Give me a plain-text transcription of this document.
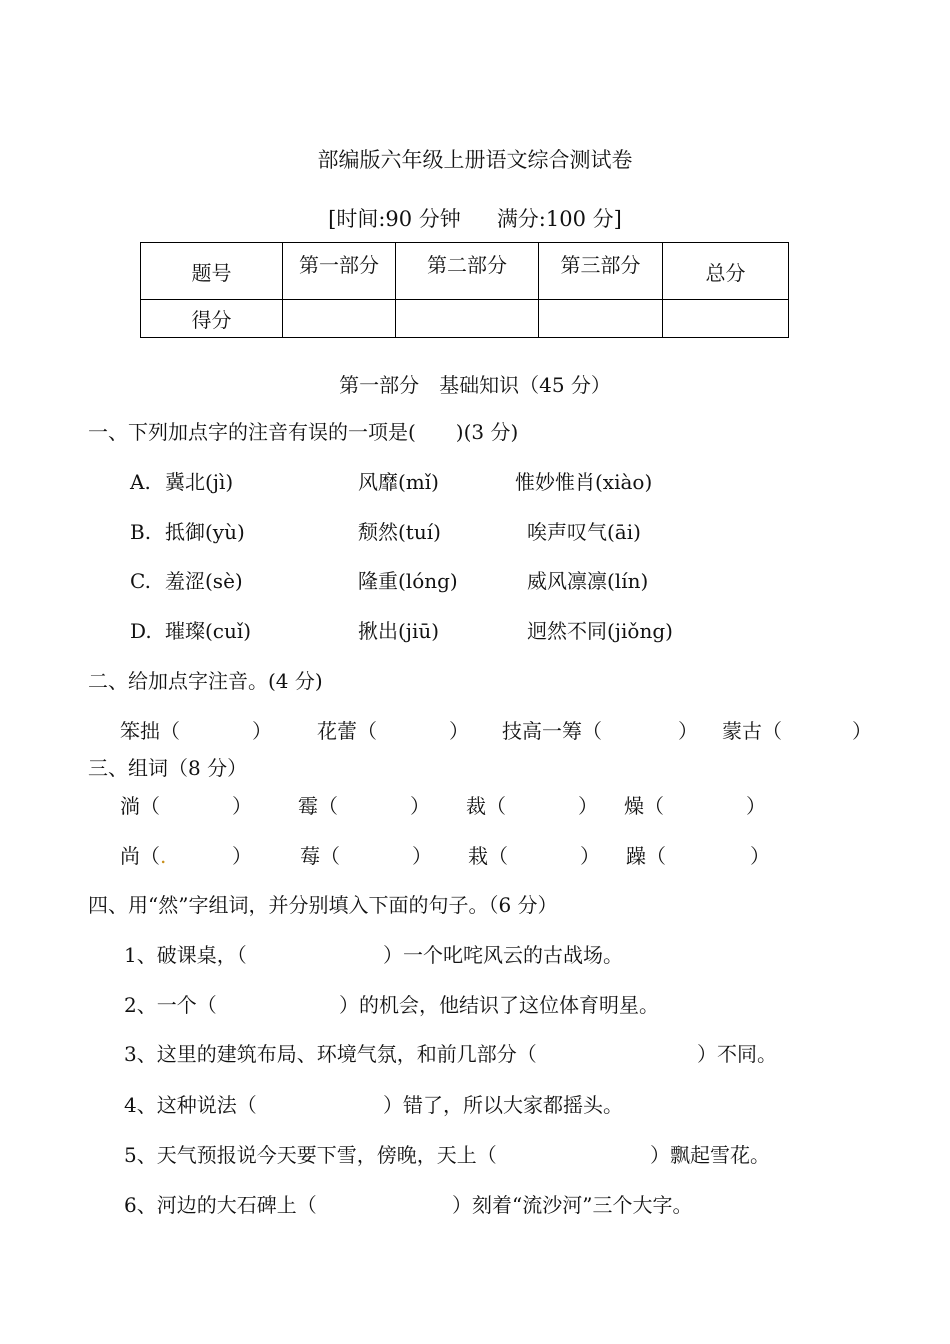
部编版六年级上册语文综合测试卷
[时间:90 分钟 满分:100 分]
题号	第一部分	第二部分	第三部分	总分
得分				
第一部分 基础知识（45 分）
一、下列加点字的注音有误的一项是(　　)(3 分)
A. 冀北(jì)	风靡(mǐ)	惟妙惟肖(xiào)
B. 抵御(yù)	颓然(tuí)	唉声叹气(āi)
C. 羞涩(sè)	隆重(lóng)	威风凛凛(lín)
D. 璀璨(cuǐ)	揪出(jiū)	迥然不同(jiǒng)
二、给加点字注音。(4 分)
笨拙（	） 花蕾（	） 技高一筹（	） 蒙古（	）
三、组词（8 分）
淌（	） 霉（	） 裁（	） 燥（	）
尚（ .	） 莓（	） 栽（	） 躁（	）
四、用“然”字组词，并分别填入下面的句子。（6 分）
1、破课桌，（	）一个叱咤风云的古战场。
2、一个（	）的机会，他结识了这位体育明星。
3、这里的建筑布局、环境气氛，和前几部分（	）不同。
4、这种说法（	）错了，所以大家都摇头。
5、天气预报说今天要下雪，傍晚，天上（	）飘起雪花。
6、河边的大石碑上（	）刻着“流沙河”三个大字。
